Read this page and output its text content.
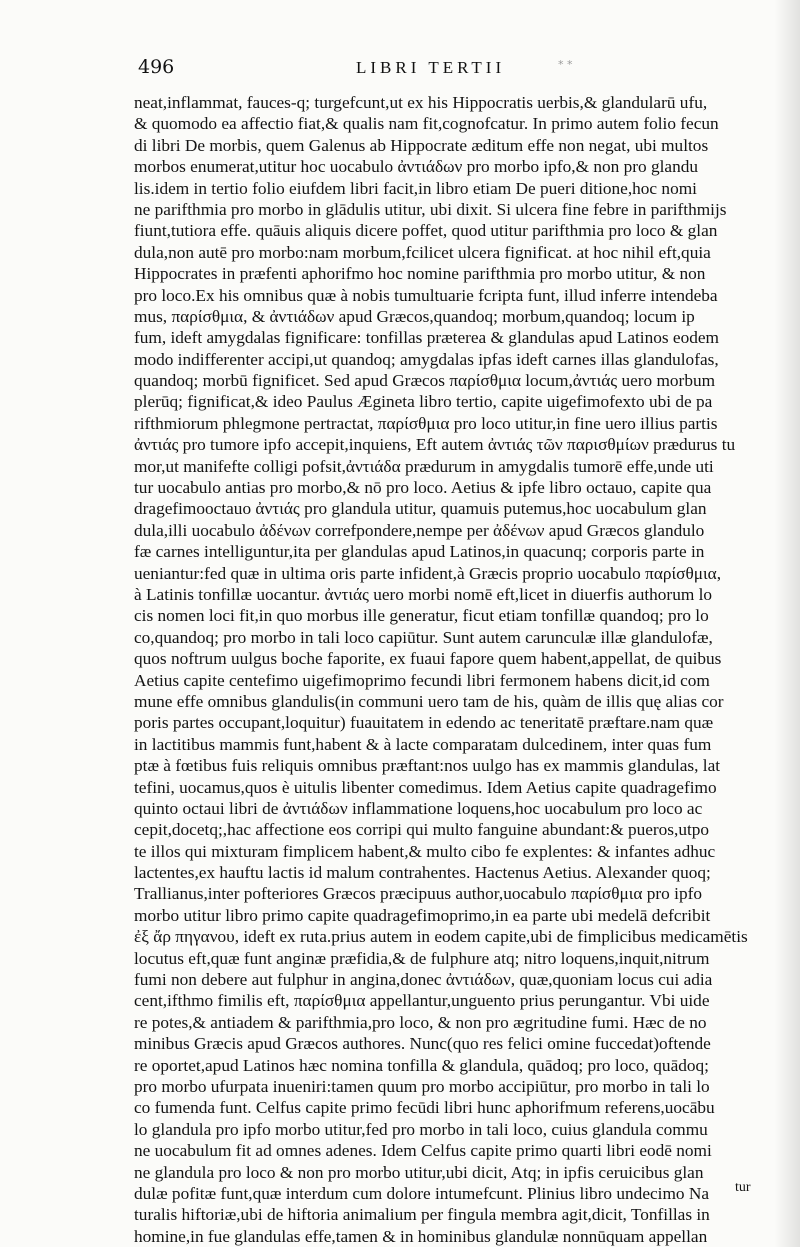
496	LIBRI TERTII	* *
neat,inflammat, fauces‑q; turgefcunt,ut ex his Hippocratis uerbis,& glandularū ufu,
& quomodo ea affectio fiat,& qualis nam fit,cognofcatur. In primo autem folio fecun
di libri De morbis, quem Galenus ab Hippocrate æditum effe non negat, ubi multos
morbos enumerat,utitur hoc uocabulo ἀντιάδων pro morbo ipfo,& non pro glandu
lis.idem in tertio folio eiufdem libri facit,in libro etiam De pueri ditione,hoc nomi
ne parifthmia pro morbo in glādulis utitur, ubi dixit. Si ulcera fine febre in parifthmijs
fiunt,tutiora effe. quāuis aliquis dicere poffet, quod utitur parifthmia pro loco & glan
dula,non autē pro morbo:nam morbum,fcilicet ulcera fignificat. at hoc nihil eft,quia
Hippocrates in præfenti aphorifmo hoc nomine parifthmia pro morbo utitur, & non
pro loco.Ex his omnibus quæ à nobis tumultuarie fcripta funt, illud inferre intendeba
mus, παρίσθμια, & ἀντιάδων apud Græcos,quandoq; morbum,quandoq; locum ip
fum, ideft amygdalas fignificare: tonfillas præterea & glandulas apud Latinos eodem
modo indifferenter accipi,ut quandoq; amygdalas ipfas ideft carnes illas glandulofas,
quandoq; morbū fignificet. Sed apud Græcos παρίσθμια locum,ἀντιάς uero morbum
plerūq; fignificat,& ideo Paulus Ægineta libro tertio, capite uigefimofexto ubi de pa
rifthmiorum phlegmone pertractat, παρίσθμια pro loco utitur,in fine uero illius partis
ἀντιάς pro tumore ipfo accepit,inquiens, Eft autem ἀντιάς τῶν παρισθμίων prædurus tu
mor,ut manifefte colligi pofsit,ἀντιάδα prædurum in amygdalis tumorē effe,unde uti
tur uocabulo antias pro morbo,& nō pro loco. Aetius & ipfe libro octauo, capite qua
dragefimooctauo ἀντιάς pro glandula utitur, quamuis putemus,hoc uocabulum glan
dula,illi uocabulo ἀδένων correfpondere,nempe per ἀδένων apud Græcos glandulo
fæ carnes intelliguntur,ita per glandulas apud Latinos,in quacunq; corporis parte in
ueniantur:fed quæ in ultima oris parte infident,à Græcis proprio uocabulo παρίσθμια,
à Latinis tonfillæ uocantur. ἀντιάς uero morbi nomē eft,licet in diuerfis authorum lo
cis nomen loci fit,in quo morbus ille generatur, ficut etiam tonfillæ quandoq; pro lo
co,quandoq; pro morbo in tali loco capiūtur. Sunt autem carunculæ illæ glandulofæ,
quos noftrum uulgus boche faporite, ex fuaui fapore quem habent,appellat, de quibus
Aetius capite centefimo uigefimoprimo fecundi libri fermonem habens dicit,id com
mune effe omnibus glandulis(in communi uero tam de his, quàm de illis quę alias cor
poris partes occupant,loquitur) fuauitatem in edendo ac teneritatē præftare.nam quæ
in lactitibus mammis funt,habent & à lacte comparatam dulcedinem, inter quas fum
ptæ à fœtibus fuis reliquis omnibus præftant:nos uulgo has ex mammis glandulas, lat
tefini, uocamus,quos è uitulis libenter comedimus. Idem Aetius capite quadragefimo
quinto octaui libri de ἀντιάδων inflammatione loquens,hoc uocabulum pro loco ac
cepit,docetq;,hac affectione eos corripi qui multo fanguine abundant:& pueros,utpo
te illos qui mixturam fimplicem habent,& multo cibo fe explentes: & infantes adhuc
lactentes,ex hauftu lactis id malum contrahentes. Hactenus Aetius. Alexander quoq;
Trallianus,inter pofteriores Græcos præcipuus author,uocabulo παρίσθμια pro ipfo
morbo utitur libro primo capite quadragefimoprimo,in ea parte ubi medelā defcribit
ἐξ ἄρ πηγανου, ideft ex ruta.prius autem in eodem capite,ubi de fimplicibus medicamētis
locutus eft,quæ funt anginæ præfidia,& de fulphure atq; nitro loquens,inquit,nitrum
fumi non debere aut fulphur in angina,donec ἀντιάδων, quæ,quoniam locus cui adia
cent,ifthmo fimilis eft, παρίσθμια appellantur,unguento prius perungantur. Vbi uide
re potes,& antiadem & parifthmia,pro loco, & non pro ægritudine fumi. Hæc de no
minibus Græcis apud Græcos authores. Nunc(quo res felici omine fuccedat)oftende
re oportet,apud Latinos hæc nomina tonfilla & glandula, quādoq; pro loco, quādoq;
pro morbo ufurpata inueniri:tamen quum pro morbo accipiūtur, pro morbo in tali lo
co fumenda funt. Celfus capite primo fecūdi libri hunc aphorifmum referens,uocābu
lo glandula pro ipfo morbo utitur,fed pro morbo in tali loco, cuius glandula commu
ne uocabulum fit ad omnes adenes. Idem Celfus capite primo quarti libri eodē nomi
ne glandula pro loco & non pro morbo utitur,ubi dicit, Atq; in ipfis ceruicibus glan
dulæ pofitæ funt,quæ interdum cum dolore intumefcunt. Plinius libro undecimo Na
turalis hiftoriæ,ubi de hiftoria animalium per fingula membra agit,dicit, Tonfillas in
homine,in fue glandulas effe,tamen & in hominibus glandulæ nonnūquam appellan
tur
